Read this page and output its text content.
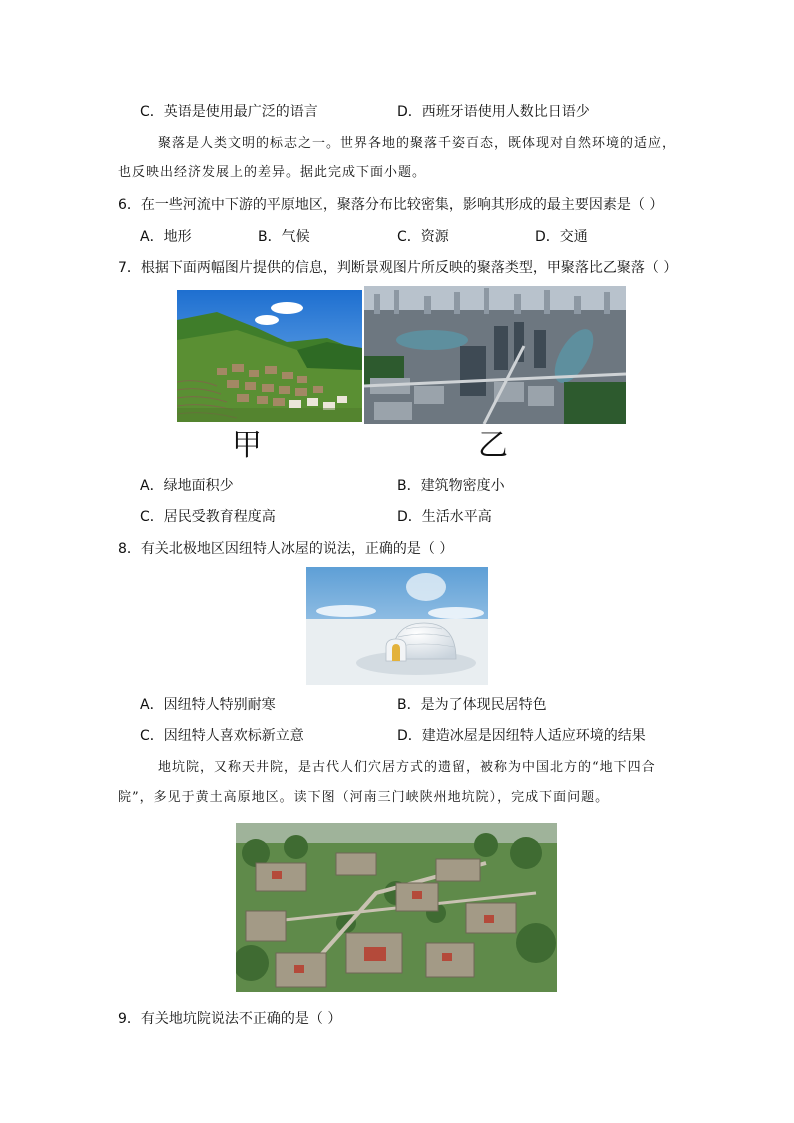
C．英语是使用最广泛的语言	D．西班牙语使用人数比日语少
聚落是人类文明的标志之一。世界各地的聚落千姿百态，既体现对自然环境的适应，
也反映出经济发展上的差异。据此完成下面小题。
6．在一些河流中下游的平原地区，聚落分布比较密集，影响其形成的最主要因素是（ ）
A．地形	B．气候	C．资源	D．交通
7．根据下面两幅图片提供的信息，判断景观图片所反映的聚落类型，甲聚落比乙聚落（ ）
甲	乙
A．绿地面积少	B．建筑物密度小
C．居民受教育程度高	D．生活水平高
8．有关北极地区因纽特人冰屋的说法，正确的是（ ）
A．因纽特人特别耐寒	B．是为了体现民居特色
C．因纽特人喜欢标新立意	D．建造冰屋是因纽特人适应环境的结果
地坑院，又称天井院，是古代人们穴居方式的遗留，被称为中国北方的“地下四合
院”，多见于黄土高原地区。读下图（河南三门峡陕州地坑院），完成下面问题。
9．有关地坑院说法不正确的是（ ）
